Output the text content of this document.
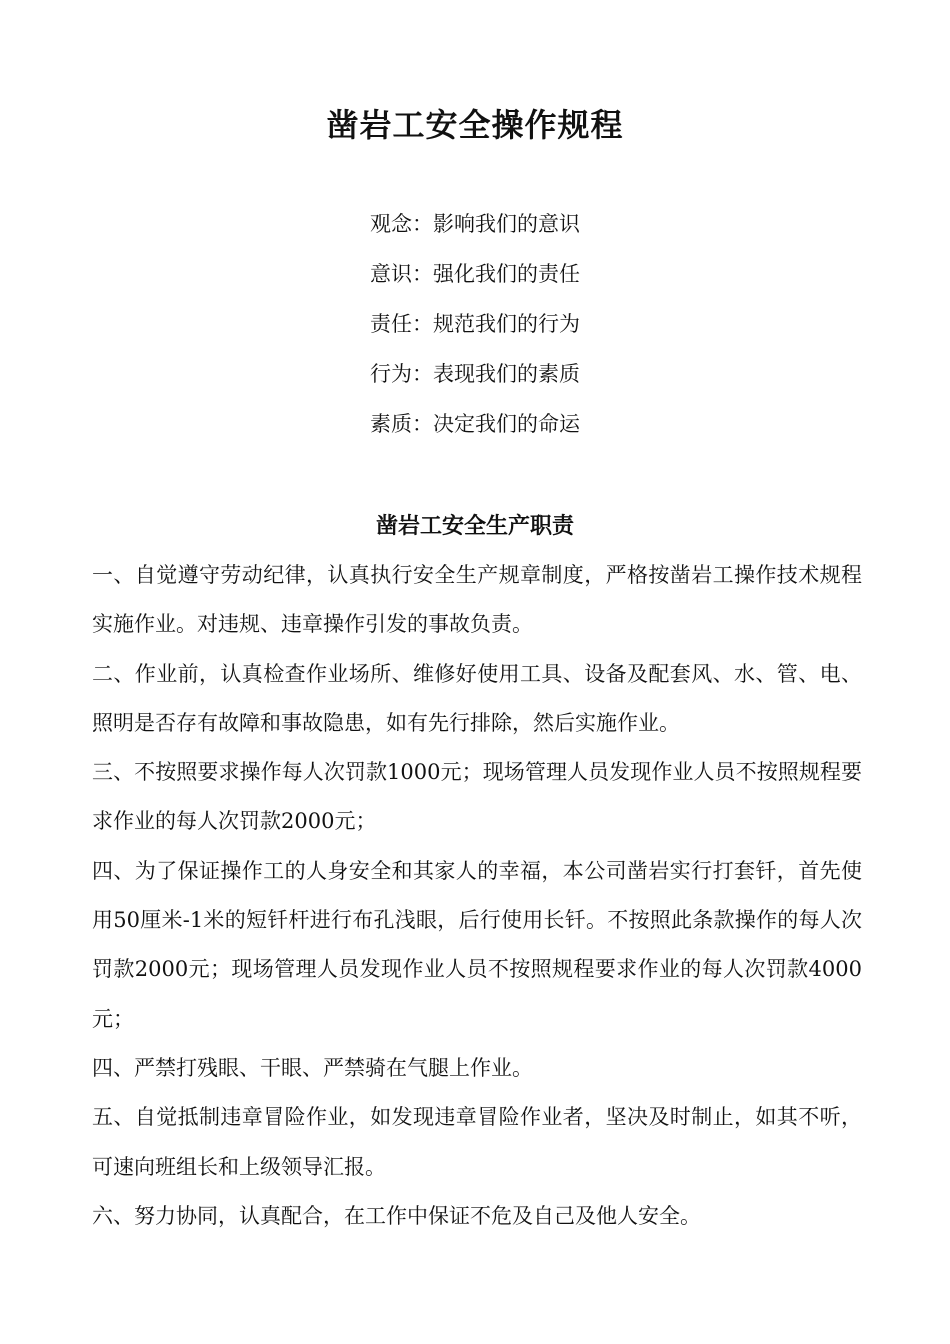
凿岩工安全操作规程
观念：影响我们的意识
意识：强化我们的责任
责任：规范我们的行为
行为：表现我们的素质
素质：决定我们的命运
凿岩工安全生产职责

一、自觉遵守劳动纪律，认真执行安全生产规章制度，严格按凿岩工操作技术规程实施作业。对违规、违章操作引发的事故负责。

二、作业前，认真检查作业场所、维修好使用工具、设备及配套风、水、管、电、照明是否存有故障和事故隐患，如有先行排除，然后实施作业。

三、不按照要求操作每人次罚款1000元；现场管理人员发现作业人员不按照规程要求作业的每人次罚款2000元；

四、为了保证操作工的人身安全和其家人的幸福，本公司凿岩实行打套钎，首先使用50厘米-1米的短钎杆进行布孔浅眼，后行使用长钎。不按照此条款操作的每人次罚款2000元；现场管理人员发现作业人员不按照规程要求作业的每人次罚款4000元；

四、严禁打残眼、干眼、严禁骑在气腿上作业。

五、自觉抵制违章冒险作业，如发现违章冒险作业者，坚决及时制止，如其不听，可速向班组长和上级领导汇报。

六、努力协同，认真配合，在工作中保证不危及自己及他人安全。
